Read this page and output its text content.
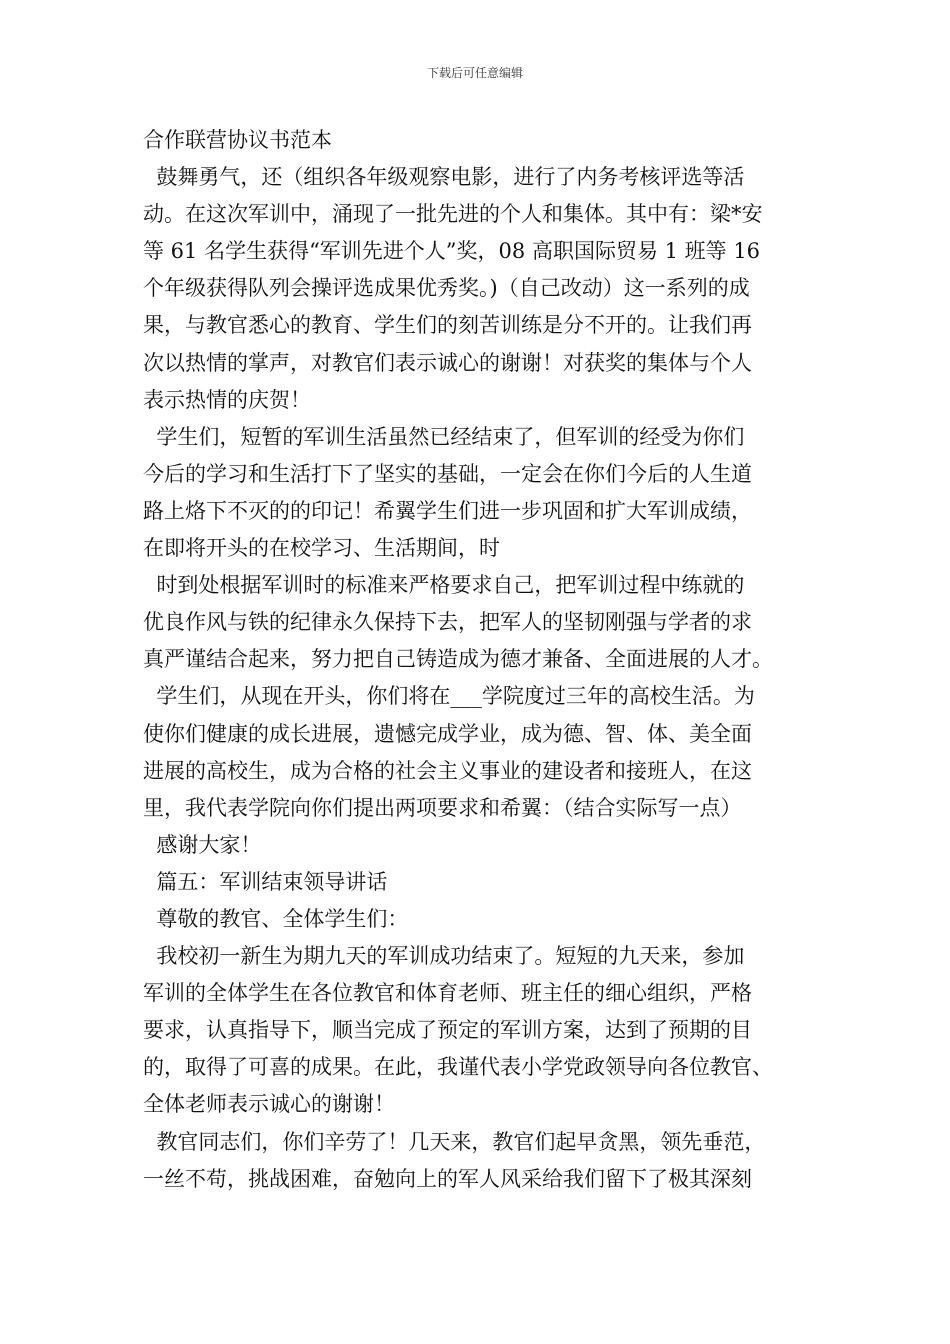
下载后可任意编辑
合作联营协议书范本
鼓舞勇气，还（组织各年级观察电影，进行了内务考核评选等活
动。在这次军训中，涌现了一批先进的个人和集体。其中有：梁*安
等 61 名学生获得“军训先进个人”奖，08 高职国际贸易 1 班等 16
个年级获得队列会操评选成果优秀奖。)（自己改动）这一系列的成
果，与教官悉心的教育、学生们的刻苦训练是分不开的。让我们再
次以热情的掌声，对教官们表示诚心的谢谢！对获奖的集体与个人
表示热情的庆贺！
学生们，短暂的军训生活虽然已经结束了，但军训的经受为你们
今后的学习和生活打下了坚实的基础，一定会在你们今后的人生道
路上烙下不灭的的印记！希翼学生们进一步巩固和扩大军训成绩，
在即将开头的在校学习、生活期间，时
时到处根据军训时的标准来严格要求自己，把军训过程中练就的
优良作风与铁的纪律永久保持下去，把军人的坚韧刚强与学者的求
真严谨结合起来，努力把自己铸造成为德才兼备、全面进展的人才。
学生们，从现在开头，你们将在___学院度过三年的高校生活。为
使你们健康的成长进展，遗憾完成学业，成为德、智、体、美全面
进展的高校生，成为合格的社会主义事业的建设者和接班人，在这
里，我代表学院向你们提出两项要求和希翼：（结合实际写一点）
感谢大家！
篇五：军训结束领导讲话
尊敬的教官、全体学生们：
我校初一新生为期九天的军训成功结束了。短短的九天来，参加
军训的全体学生在各位教官和体育老师、班主任的细心组织，严格
要求，认真指导下，顺当完成了预定的军训方案，达到了预期的目
的，取得了可喜的成果。在此，我谨代表小学党政领导向各位教官、
全体老师表示诚心的谢谢！
教官同志们，你们辛劳了！几天来，教官们起早贪黑，领先垂范，
一丝不苟，挑战困难，奋勉向上的军人风采给我们留下了极其深刻
